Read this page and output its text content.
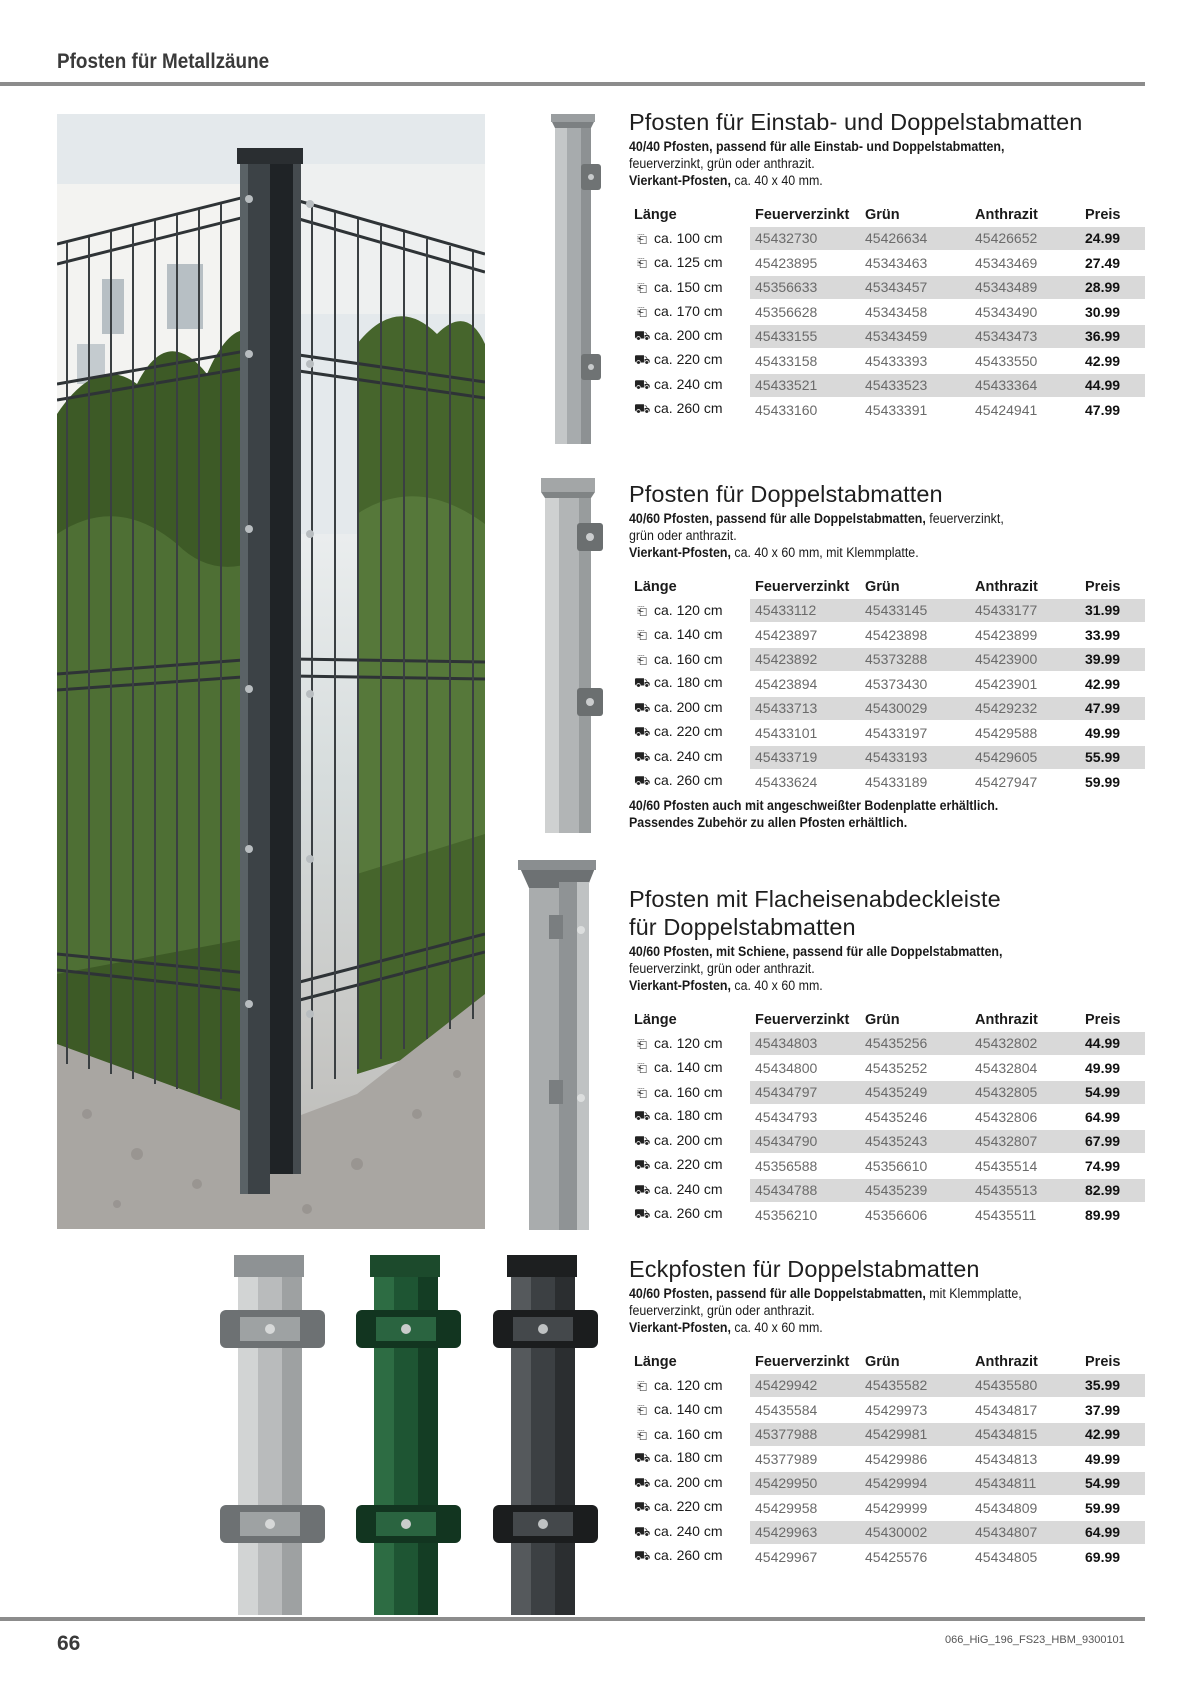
Pfosten für Metallzäune
Pfosten für Einstab- und Doppelstabmatten
40/40 Pfosten, passend für alle Einstab- und Doppelstabmatten,
feuerverzinkt, grün oder anthrazit.
Vierkant-Pfosten, ca. 40 x 40 mm.
Länge	Feuerverzinkt	Grün	Anthrazit	Preis
⎗ ca. 100 cm	45432730	45426634	45426652	24.99
⎗ ca. 125 cm	45423895	45343463	45343469	27.49
⎗ ca. 150 cm	45356633	45343457	45343489	28.99
⎗ ca. 170 cm	45356628	45343458	45343490	30.99
⛟ ca. 200 cm	45433155	45343459	45343473	36.99
⛟ ca. 220 cm	45433158	45433393	45433550	42.99
⛟ ca. 240 cm	45433521	45433523	45433364	44.99
⛟ ca. 260 cm	45433160	45433391	45424941	47.99
Pfosten für Doppelstabmatten
40/60 Pfosten, passend für alle Doppelstabmatten, feuerverzinkt,
grün oder anthrazit.
Vierkant-Pfosten, ca. 40 x 60 mm, mit Klemmplatte.
Länge	Feuerverzinkt	Grün	Anthrazit	Preis
⎗ ca. 120 cm	45433112	45433145	45433177	31.99
⎗ ca. 140 cm	45423897	45423898	45423899	33.99
⎗ ca. 160 cm	45423892	45373288	45423900	39.99
⛟ ca. 180 cm	45423894	45373430	45423901	42.99
⛟ ca. 200 cm	45433713	45430029	45429232	47.99
⛟ ca. 220 cm	45433101	45433197	45429588	49.99
⛟ ca. 240 cm	45433719	45433193	45429605	55.99
⛟ ca. 260 cm	45433624	45433189	45427947	59.99
40/60 Pfosten auch mit angeschweißter Bodenplatte erhältlich.
Passendes Zubehör zu allen Pfosten erhältlich.
Pfosten mit Flacheisenabdeckleiste
für Doppelstabmatten
40/60 Pfosten, mit Schiene, passend für alle Doppelstabmatten,
feuerverzinkt, grün oder anthrazit.
Vierkant-Pfosten, ca. 40 x 60 mm.
Länge	Feuerverzinkt	Grün	Anthrazit	Preis
⎗ ca. 120 cm	45434803	45435256	45432802	44.99
⎗ ca. 140 cm	45434800	45435252	45432804	49.99
⎗ ca. 160 cm	45434797	45435249	45432805	54.99
⛟ ca. 180 cm	45434793	45435246	45432806	64.99
⛟ ca. 200 cm	45434790	45435243	45432807	67.99
⛟ ca. 220 cm	45356588	45356610	45435514	74.99
⛟ ca. 240 cm	45434788	45435239	45435513	82.99
⛟ ca. 260 cm	45356210	45356606	45435511	89.99
Eckpfosten für Doppelstabmatten
40/60 Pfosten, passend für alle Doppelstabmatten, mit Klemmplatte,
feuerverzinkt, grün oder anthrazit.
Vierkant-Pfosten, ca. 40 x 60 mm.
Länge	Feuerverzinkt	Grün	Anthrazit	Preis
⎗ ca. 120 cm	45429942	45435582	45435580	35.99
⎗ ca. 140 cm	45435584	45429973	45434817	37.99
⎗ ca. 160 cm	45377988	45429981	45434815	42.99
⛟ ca. 180 cm	45377989	45429986	45434813	49.99
⛟ ca. 200 cm	45429950	45429994	45434811	54.99
⛟ ca. 220 cm	45429958	45429999	45434809	59.99
⛟ ca. 240 cm	45429963	45430002	45434807	64.99
⛟ ca. 260 cm	45429967	45425576	45434805	69.99
66	066_HiG_196_FS23_HBM_9300101
